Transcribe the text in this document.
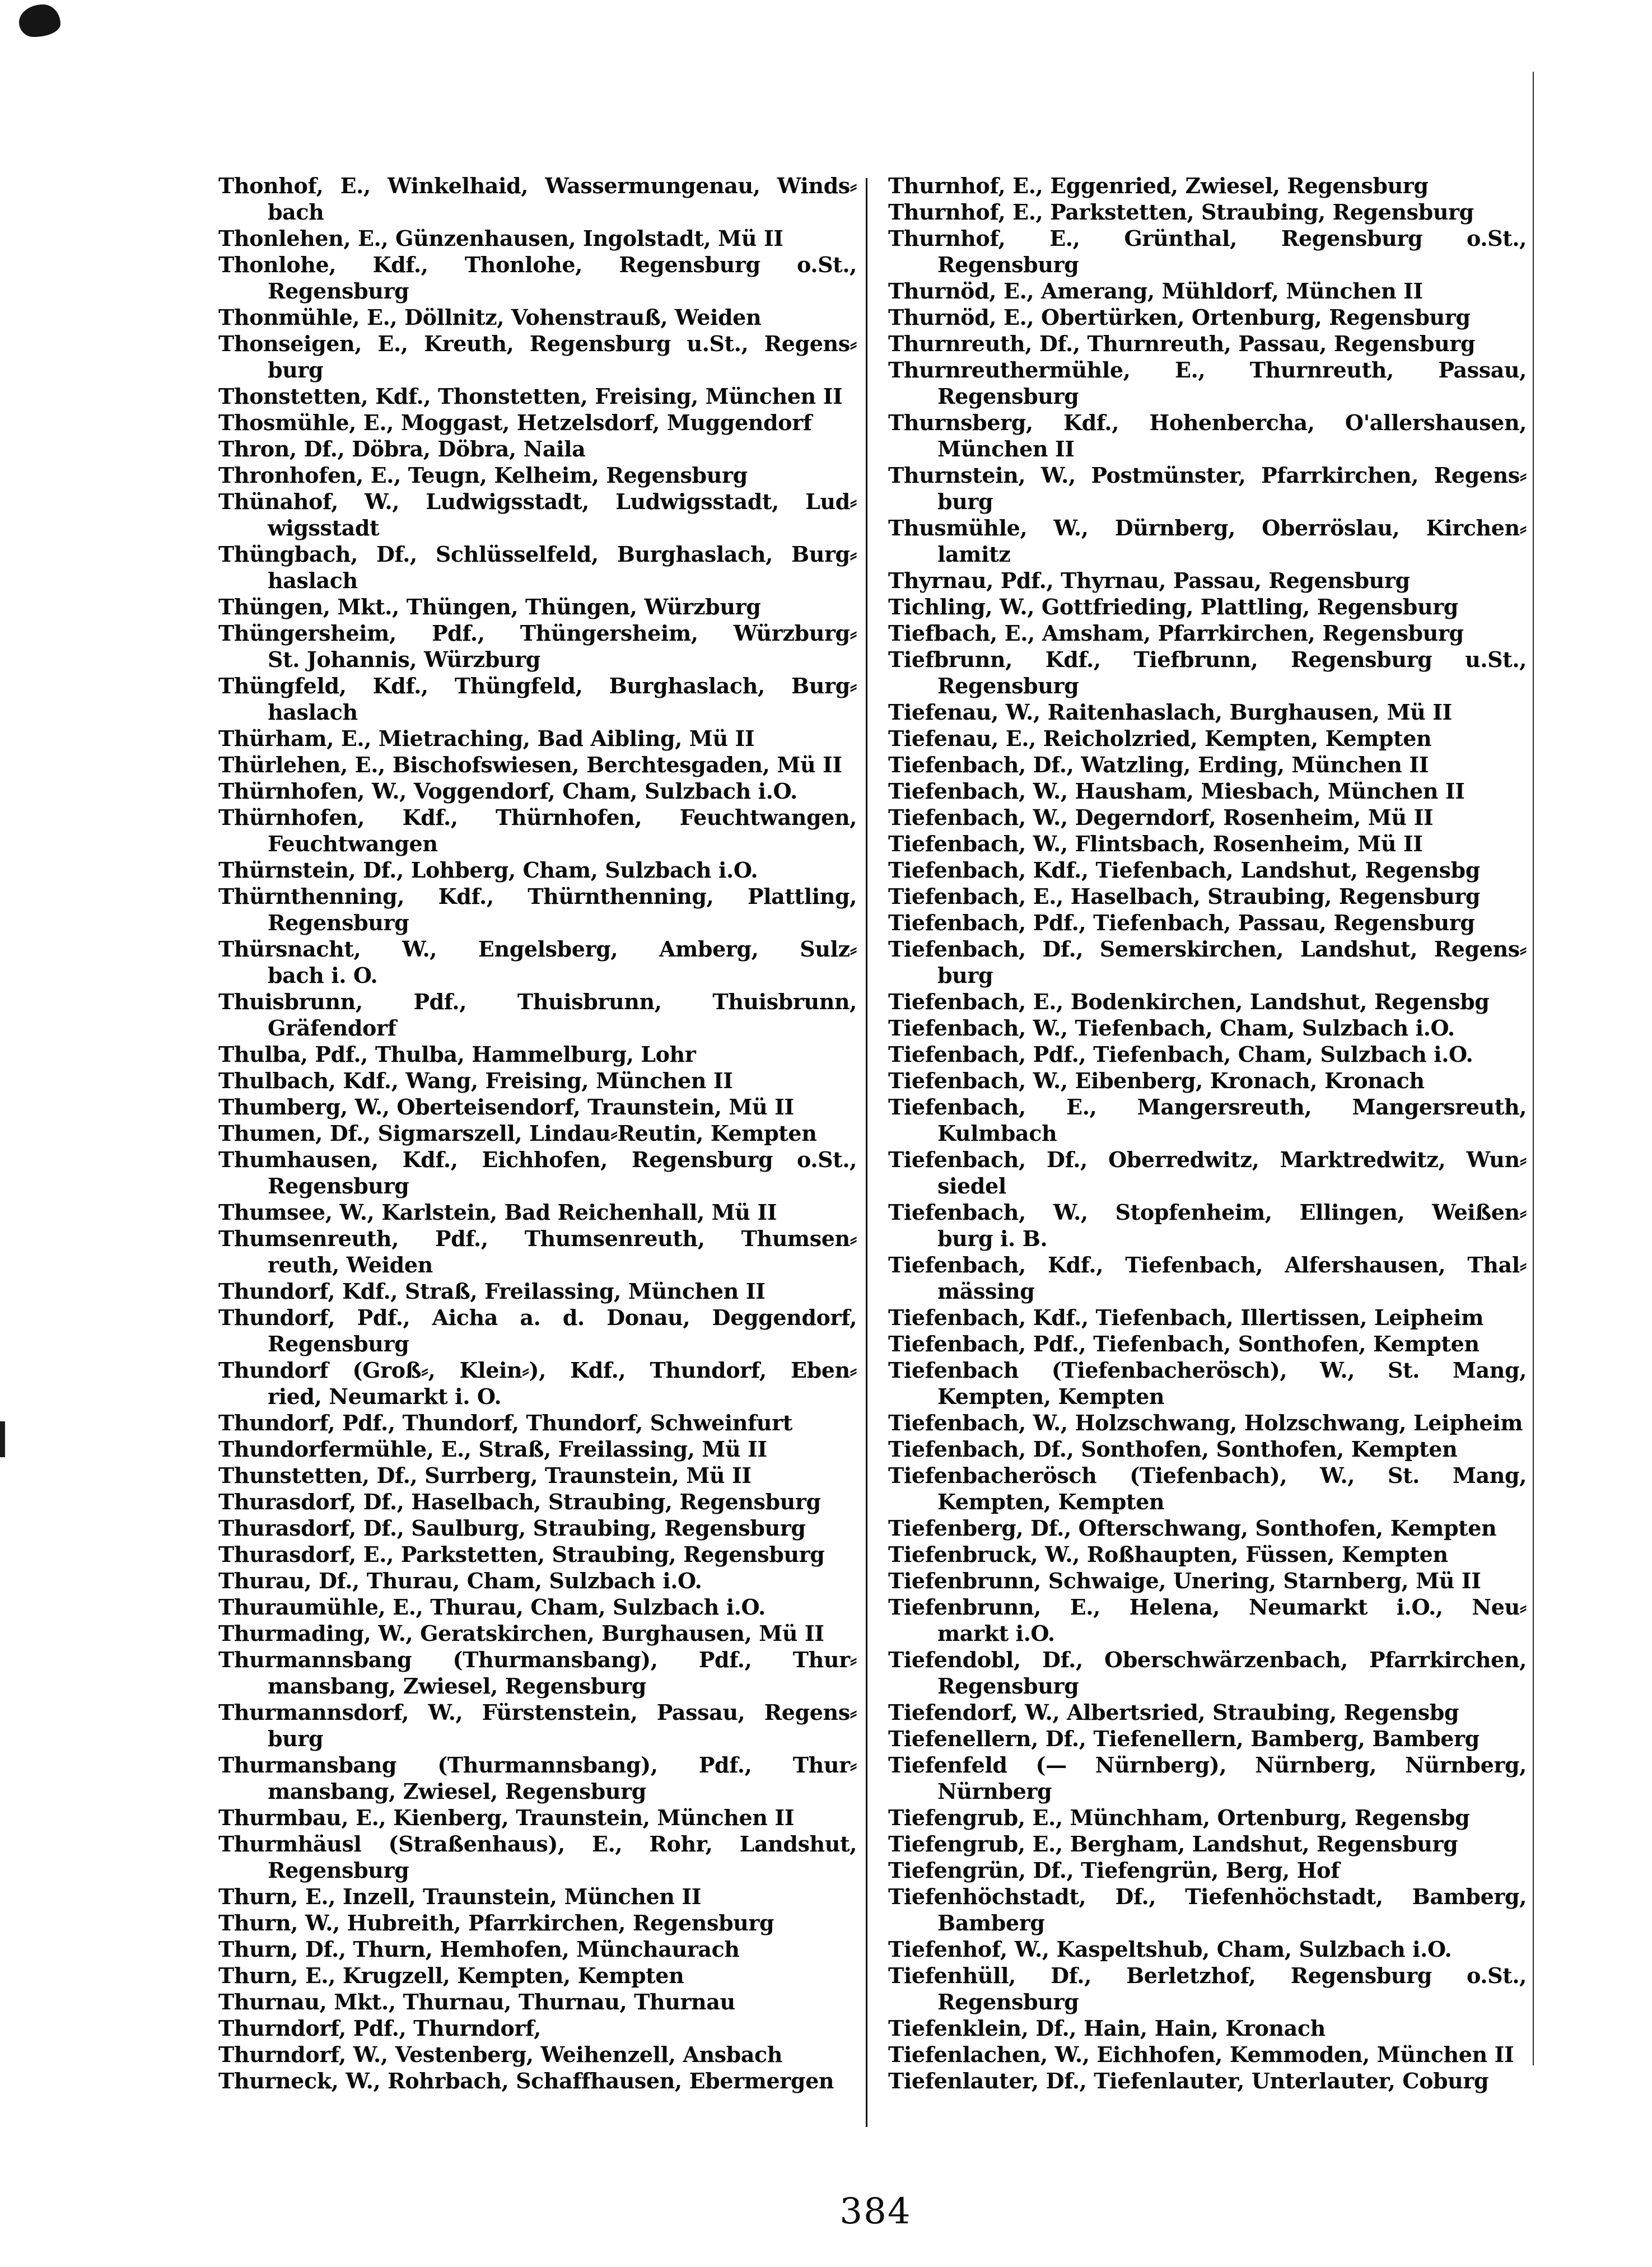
Thonhof, E., Winkelhaid, Wassermungenau, Winds⸗
bach
Thonlehen, E., Günzenhausen, Ingolstadt, Mü II
Thonlohe, Kdf., Thonlohe, Regensburg o.St.,
Regensburg
Thonmühle, E., Döllnitz, Vohenstrauß, Weiden
Thonseigen, E., Kreuth, Regensburg u.St., Regens⸗
burg
Thonstetten, Kdf., Thonstetten, Freising, München II
Thosmühle, E., Moggast, Hetzelsdorf, Muggendorf
Thron, Df., Döbra, Döbra, Naila
Thronhofen, E., Teugn, Kelheim, Regensburg
Thünahof, W., Ludwigsstadt, Ludwigsstadt, Lud⸗
wigsstadt
Thüngbach, Df., Schlüsselfeld, Burghaslach, Burg⸗
haslach
Thüngen, Mkt., Thüngen, Thüngen, Würzburg
Thüngersheim, Pdf., Thüngersheim, Würzburg⸗
St. Johannis, Würzburg
Thüngfeld, Kdf., Thüngfeld, Burghaslach, Burg⸗
haslach
Thürham, E., Mietraching, Bad Aibling, Mü II
Thürlehen, E., Bischofswiesen, Berchtesgaden, Mü II
Thürnhofen, W., Voggendorf, Cham, Sulzbach i.O.
Thürnhofen, Kdf., Thürnhofen, Feuchtwangen,
Feuchtwangen
Thürnstein, Df., Lohberg, Cham, Sulzbach i.O.
Thürnthenning, Kdf., Thürnthenning, Plattling,
Regensburg
Thürsnacht, W., Engelsberg, Amberg, Sulz⸗
bach i. O.
Thuisbrunn, Pdf., Thuisbrunn, Thuisbrunn,
Gräfendorf
Thulba, Pdf., Thulba, Hammelburg, Lohr
Thulbach, Kdf., Wang, Freising, München II
Thumberg, W., Oberteisendorf, Traunstein, Mü II
Thumen, Df., Sigmarszell, Lindau⸗Reutin, Kempten
Thumhausen, Kdf., Eichhofen, Regensburg o.St.,
Regensburg
Thumsee, W., Karlstein, Bad Reichenhall, Mü II
Thumsenreuth, Pdf., Thumsenreuth, Thumsen⸗
reuth, Weiden
Thundorf, Kdf., Straß, Freilassing, München II
Thundorf, Pdf., Aicha a. d. Donau, Deggendorf,
Regensburg
Thundorf (Groß⸗, Klein⸗), Kdf., Thundorf, Eben⸗
ried, Neumarkt i. O.
Thundorf, Pdf., Thundorf, Thundorf, Schweinfurt
Thundorfermühle, E., Straß, Freilassing, Mü II
Thunstetten, Df., Surrberg, Traunstein, Mü II
Thurasdorf, Df., Haselbach, Straubing, Regensburg
Thurasdorf, Df., Saulburg, Straubing, Regensburg
Thurasdorf, E., Parkstetten, Straubing, Regensburg
Thurau, Df., Thurau, Cham, Sulzbach i.O.
Thuraumühle, E., Thurau, Cham, Sulzbach i.O.
Thurmading, W., Geratskirchen, Burghausen, Mü II
Thurmannsbang (Thurmansbang), Pdf., Thur⸗
mansbang, Zwiesel, Regensburg
Thurmannsdorf, W., Fürstenstein, Passau, Regens⸗
burg
Thurmansbang (Thurmannsbang), Pdf., Thur⸗
mansbang, Zwiesel, Regensburg
Thurmbau, E., Kienberg, Traunstein, München II
Thurmhäusl (Straßenhaus), E., Rohr, Landshut,
Regensburg
Thurn, E., Inzell, Traunstein, München II
Thurn, W., Hubreith, Pfarrkirchen, Regensburg
Thurn, Df., Thurn, Hemhofen, Münchaurach
Thurn, E., Krugzell, Kempten, Kempten
Thurnau, Mkt., Thurnau, Thurnau, Thurnau
Thurndorf, Pdf., Thurndorf,
Thurndorf, W., Vestenberg, Weihenzell, Ansbach
Thurneck, W., Rohrbach, Schaffhausen, Ebermergen
Thurnhof, E., Eggenried, Zwiesel, Regensburg
Thurnhof, E., Parkstetten, Straubing, Regensburg
Thurnhof, E., Grünthal, Regensburg o.St.,
Regensburg
Thurnöd, E., Amerang, Mühldorf, München II
Thurnöd, E., Obertürken, Ortenburg, Regensburg
Thurnreuth, Df., Thurnreuth, Passau, Regensburg
Thurnreuthermühle, E., Thurnreuth, Passau,
Regensburg
Thurnsberg, Kdf., Hohenbercha, O'allershausen,
München II
Thurnstein, W., Postmünster, Pfarrkirchen, Regens⸗
burg
Thusmühle, W., Dürnberg, Oberröslau, Kirchen⸗
lamitz
Thyrnau, Pdf., Thyrnau, Passau, Regensburg
Tichling, W., Gottfrieding, Plattling, Regensburg
Tiefbach, E., Amsham, Pfarrkirchen, Regensburg
Tiefbrunn, Kdf., Tiefbrunn, Regensburg u.St.,
Regensburg
Tiefenau, W., Raitenhaslach, Burghausen, Mü II
Tiefenau, E., Reicholzried, Kempten, Kempten
Tiefenbach, Df., Watzling, Erding, München II
Tiefenbach, W., Hausham, Miesbach, München II
Tiefenbach, W., Degerndorf, Rosenheim, Mü II
Tiefenbach, W., Flintsbach, Rosenheim, Mü II
Tiefenbach, Kdf., Tiefenbach, Landshut, Regensbg
Tiefenbach, E., Haselbach, Straubing, Regensburg
Tiefenbach, Pdf., Tiefenbach, Passau, Regensburg
Tiefenbach, Df., Semerskirchen, Landshut, Regens⸗
burg
Tiefenbach, E., Bodenkirchen, Landshut, Regensbg
Tiefenbach, W., Tiefenbach, Cham, Sulzbach i.O.
Tiefenbach, Pdf., Tiefenbach, Cham, Sulzbach i.O.
Tiefenbach, W., Eibenberg, Kronach, Kronach
Tiefenbach, E., Mangersreuth, Mangersreuth,
Kulmbach
Tiefenbach, Df., Oberredwitz, Marktredwitz, Wun⸗
siedel
Tiefenbach, W., Stopfenheim, Ellingen, Weißen⸗
burg i. B.
Tiefenbach, Kdf., Tiefenbach, Alfershausen, Thal⸗
mässing
Tiefenbach, Kdf., Tiefenbach, Illertissen, Leipheim
Tiefenbach, Pdf., Tiefenbach, Sonthofen, Kempten
Tiefenbach (Tiefenbacherösch), W., St. Mang,
Kempten, Kempten
Tiefenbach, W., Holzschwang, Holzschwang, Leipheim
Tiefenbach, Df., Sonthofen, Sonthofen, Kempten
Tiefenbacherösch (Tiefenbach), W., St. Mang,
Kempten, Kempten
Tiefenberg, Df., Ofterschwang, Sonthofen, Kempten
Tiefenbruck, W., Roßhaupten, Füssen, Kempten
Tiefenbrunn, Schwaige, Unering, Starnberg, Mü II
Tiefenbrunn, E., Helena, Neumarkt i.O., Neu⸗
markt i.O.
Tiefendobl, Df., Oberschwärzenbach, Pfarrkirchen,
Regensburg
Tiefendorf, W., Albertsried, Straubing, Regensbg
Tiefenellern, Df., Tiefenellern, Bamberg, Bamberg
Tiefenfeld (— Nürnberg), Nürnberg, Nürnberg,
Nürnberg
Tiefengrub, E., Münchham, Ortenburg, Regensbg
Tiefengrub, E., Bergham, Landshut, Regensburg
Tiefengrün, Df., Tiefengrün, Berg, Hof
Tiefenhöchstadt, Df., Tiefenhöchstadt, Bamberg,
Bamberg
Tiefenhof, W., Kaspeltshub, Cham, Sulzbach i.O.
Tiefenhüll, Df., Berletzhof, Regensburg o.St.,
Regensburg
Tiefenklein, Df., Hain, Hain, Kronach
Tiefenlachen, W., Eichhofen, Kemmoden, München II
Tiefenlauter, Df., Tiefenlauter, Unterlauter, Coburg
384
